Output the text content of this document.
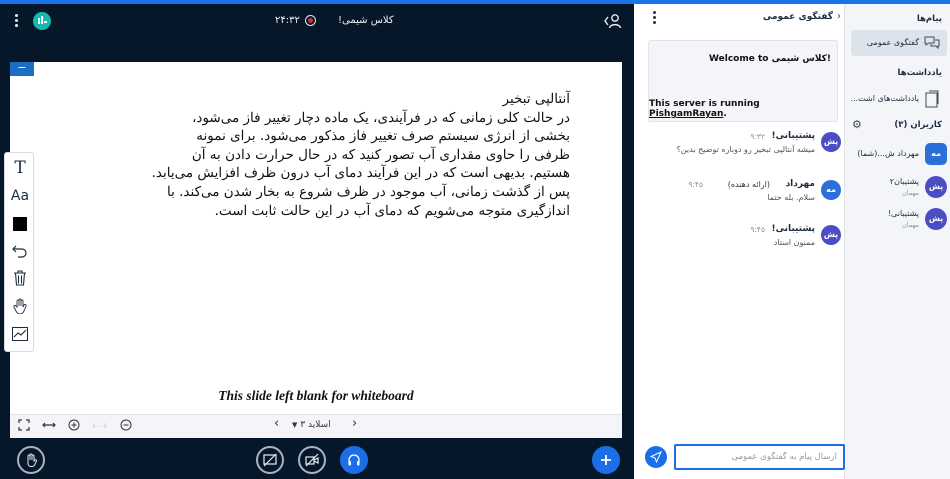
۲۴:۳۲	کلاس شیمی!
−
آنتالپی تبخیر
در حالت کلی زمانی که در فرآیندی، یک ماده دچار تغییر فاز می‌شود،
بخشی از انرژی سیستم صرف تغییر فاز مذکور می‌شود. برای نمونه
ظرفی را حاوی مقداری آب تصور کنید که در حال حرارت دادن به آن
هستیم. بدیهی است که در این فرآیند دمای آب درون ظرف افزایش می‌یابد.
پس از گذشت زمانی، آب موجود در ظرف شروع به بخار شدن می‌کند. با
اندازگیری متوجه می‌شویم که دمای آب در این حالت ثابت است.
This slide left blank for whiteboard
۱۰۰٪	‹	اسلاید ۳ ▼	›
T
Aa
گفتگوی عمومی ›
Welcome to کلاس شیمی!
This server is running PishgamRayan.
پش
پشتیبانی!
۹:۳۲
میشه آنتالپی تبخیر رو دوباره توضیح بدین؟
مه
مهرداد
(ارائه دهنده)
۹:۴۵
سلام. بله حتما
پش
پشتیبانی!
۹:۴۵
ممنون استاد
ارسال پیام به گفتگوی عمومی
پیام‌ها
گفتگوی عمومی
یادداشت‌ها
یادداشت‌های اشت...
کاربران (۳)
⚙
مه
مهرداد ش...(شما)
پش
پشتیبان۲
مهمان
پش
پشتیبانی!
مهمان
